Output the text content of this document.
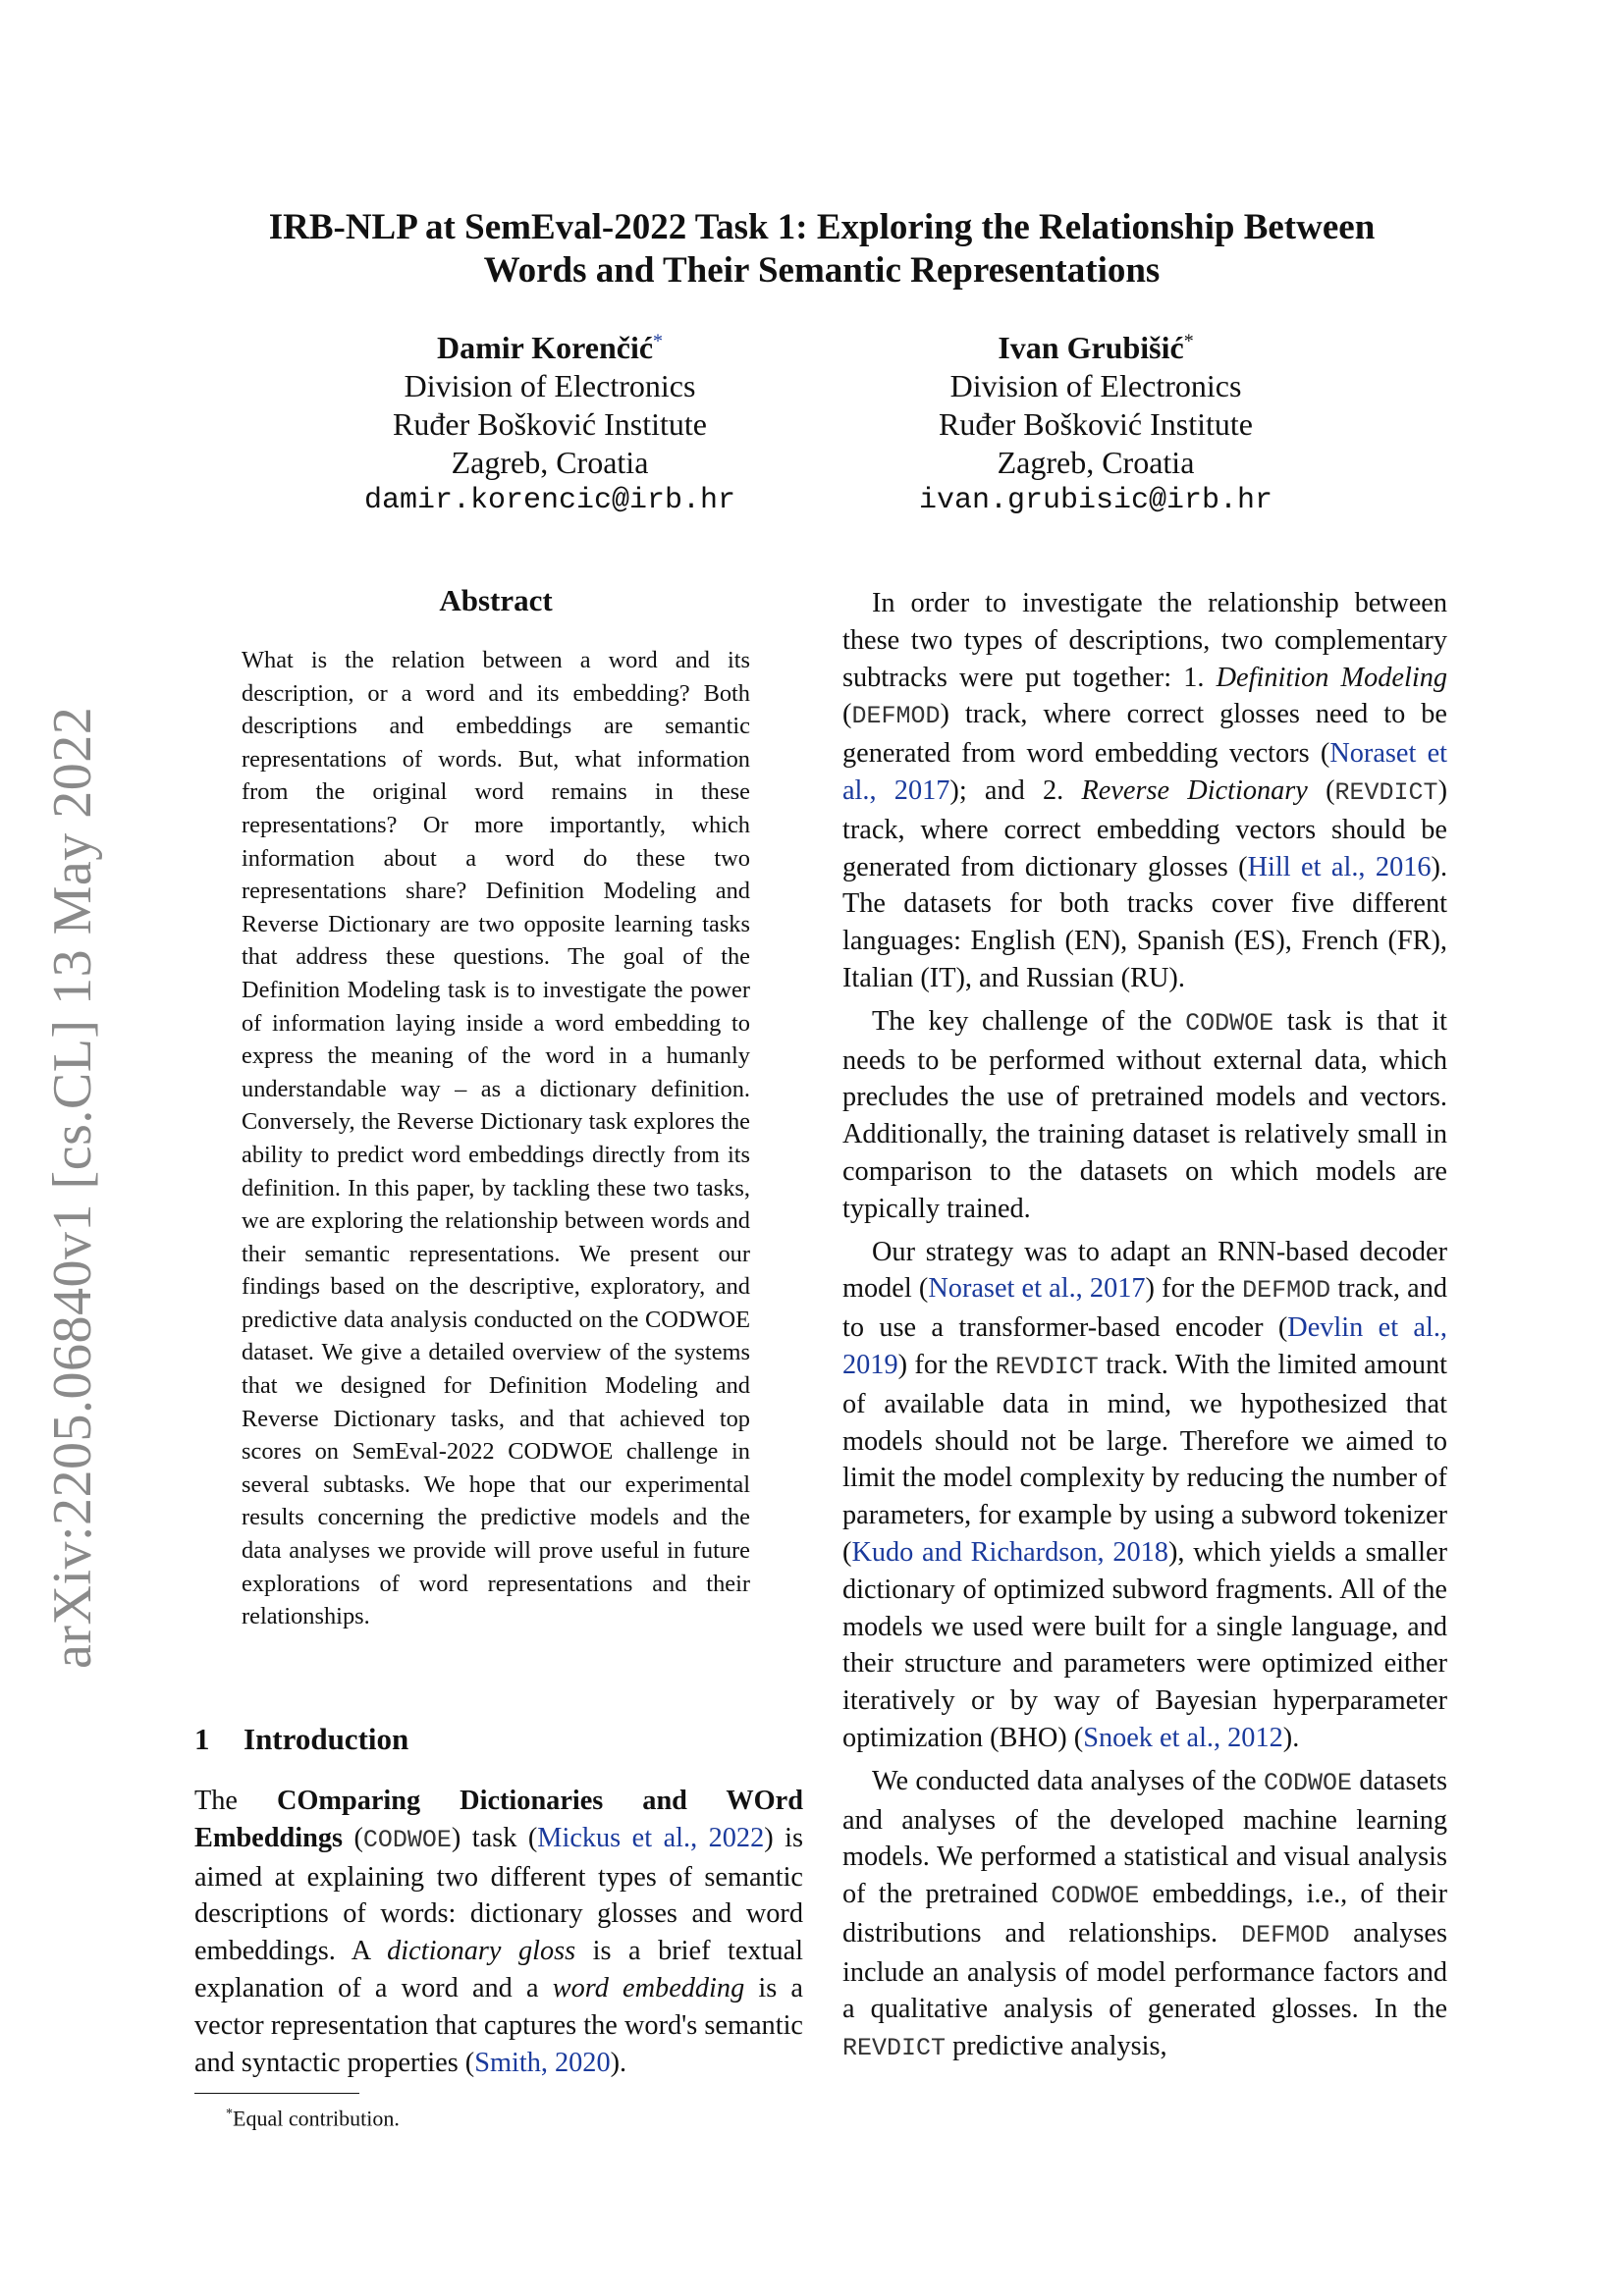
arXiv:2205.06840v1 [cs.CL] 13 May 2022
IRB-NLP at SemEval-2022 Task 1: Exploring the Relationship Between
Words and Their Semantic Representations
Damir Korenčić*
Division of Electronics
Ruđer Bošković Institute
Zagreb, Croatia
damir.korencic@irb.hr
Ivan Grubišić*
Division of Electronics
Ruđer Bošković Institute
Zagreb, Croatia
ivan.grubisic@irb.hr
Abstract
What is the relation between a word and its description, or a word and its embedding? Both descriptions and embeddings are semantic representations of words. But, what information from the original word remains in these representations? Or more importantly, which information about a word do these two representations share? Definition Modeling and Reverse Dictionary are two opposite learning tasks that address these questions. The goal of the Definition Modeling task is to investigate the power of information laying inside a word embedding to express the meaning of the word in a humanly understandable way – as a dictionary definition. Conversely, the Reverse Dictionary task explores the ability to predict word embeddings directly from its definition. In this paper, by tackling these two tasks, we are exploring the relationship between words and their semantic representations. We present our findings based on the descriptive, exploratory, and predictive data analysis conducted on the CODWOE dataset. We give a detailed overview of the systems that we designed for Definition Modeling and Reverse Dictionary tasks, and that achieved top scores on SemEval-2022 CODWOE challenge in several subtasks. We hope that our experimental results concerning the predictive models and the data analyses we provide will prove useful in future explorations of word representations and their relationships.
1 Introduction
The COmparing Dictionaries and WOrd Embeddings (CODWOE) task (Mickus et al., 2022) is aimed at explaining two different types of semantic descriptions of words: dictionary glosses and word embeddings. A dictionary gloss is a brief textual explanation of a word and a word embedding is a vector representation that captures the word's semantic and syntactic properties (Smith, 2020).
*Equal contribution.

In order to investigate the relationship between these two types of descriptions, two complementary subtracks were put together: 1. Definition Modeling (DEFMOD) track, where correct glosses need to be generated from word embedding vectors (Noraset et al., 2017); and 2. Reverse Dictionary (REVDICT) track, where correct embedding vectors should be generated from dictionary glosses (Hill et al., 2016). The datasets for both tracks cover five different languages: English (EN), Spanish (ES), French (FR), Italian (IT), and Russian (RU).

The key challenge of the CODWOE task is that it needs to be performed without external data, which precludes the use of pretrained models and vectors. Additionally, the training dataset is relatively small in comparison to the datasets on which models are typically trained.

Our strategy was to adapt an RNN-based decoder model (Noraset et al., 2017) for the DEFMOD track, and to use a transformer-based encoder (Devlin et al., 2019) for the REVDICT track. With the limited amount of available data in mind, we hypothesized that models should not be large. Therefore we aimed to limit the model complexity by reducing the number of parameters, for example by using a subword tokenizer (Kudo and Richardson, 2018), which yields a smaller dictionary of optimized subword fragments. All of the models we used were built for a single language, and their structure and parameters were optimized either iteratively or by way of Bayesian hyperparameter optimization (BHO) (Snoek et al., 2012).

We conducted data analyses of the CODWOE datasets and analyses of the developed machine learning models. We performed a statistical and visual analysis of the pretrained CODWOE embeddings, i.e., of their distributions and relationships. DEFMOD analyses include an analysis of model performance factors and a qualitative analysis of generated glosses. In the REVDICT predictive analysis,
